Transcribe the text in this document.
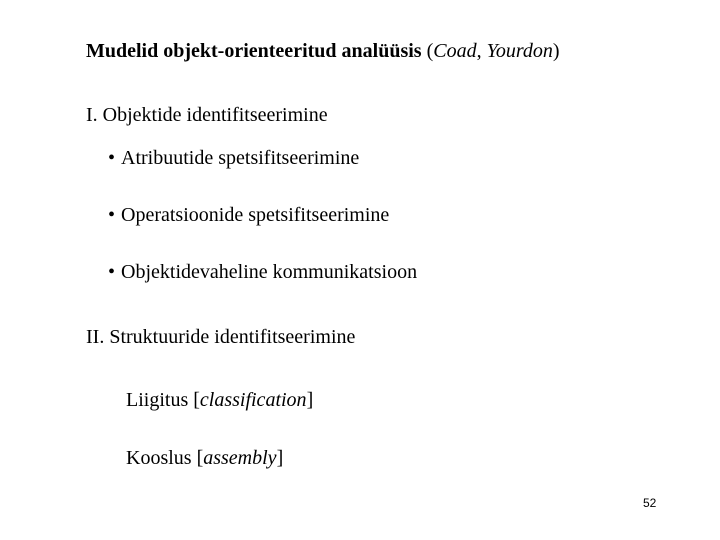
Mudelid objekt-orienteeritud analüüsis (Coad, Yourdon)
I. Objektide identifitseerimine
• Atribuutide spetsifitseerimine
• Operatsioonide spetsifitseerimine
• Objektidevaheline kommunikatsioon
II. Struktuuride identifitseerimine
Liigitus [classification]
Kooslus [assembly]
52
